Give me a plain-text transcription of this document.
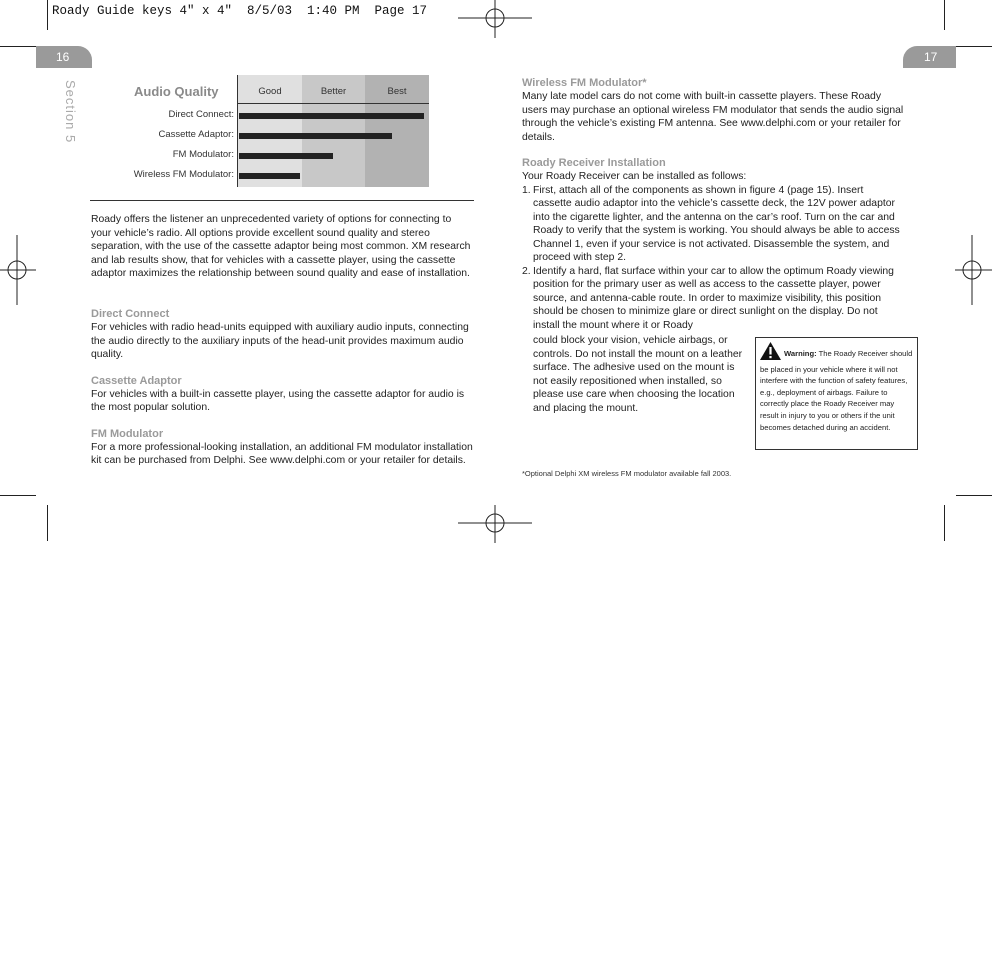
Roady Guide keys 4" x 4"  8/5/03  1:40 PM  Page 17
16	17
Section 5	Audio Quality	Good	Better	Best
Direct Connect:
Cassette Adaptor:
FM Modulator:
Wireless FM Modulator:
Roady offers the listener an unprecedented variety of options for connecting to your vehicle’s radio. All options provide excellent sound quality and stereo separation, with the use of the cassette adaptor being most common. XM research and lab results show, that for vehicles with a cassette player, using the cassette adaptor maximizes the relationship between sound quality and ease of installation.
Direct Connect
For vehicles with radio head-units equipped with auxiliary audio inputs, connecting the audio directly to the auxiliary inputs of the head-unit provides maximum audio quality.
Cassette Adaptor
For vehicles with a built-in cassette player, using the cassette adaptor for audio is the most popular solution.
FM Modulator
For a more professional-looking installation, an additional FM modulator installation kit can be purchased from Delphi. See www.delphi.com or your retailer for details.
Wireless FM Modulator*
Many late model cars do not come with built-in cassette players. These Roady users may purchase an optional wireless FM modulator that sends the audio signal through the vehicle’s existing FM antenna. See www.delphi.com or your retailer for details.
Roady Receiver Installation
Your Roady Receiver can be installed as follows:
1. First, attach all of the components as shown in figure 4 (page 15). Insert cassette audio adaptor into the vehicle’s cassette deck, the 12V power adaptor into the cigarette lighter, and the antenna on the car’s roof. Turn on the car and Roady to verify that the system is working. You should always be able to access Channel 1, even if your service is not activated. Disassemble the system, and proceed with step 2.
2. Identify a hard, flat surface within your car to allow the optimum Roady viewing position for the primary user as well as access to the cassette player, power source, and antenna-cable route. In order to maximize visibility, this position should be chosen to minimize glare or direct sunlight on the display. Do not install the mount where it or Roady
could block your vision, vehicle airbags, or controls. Do not install the mount on a leather surface. The adhesive used on the mount is not easily repositioned when installed, so please use care when choosing the location and placing the mount.
Warning: The Roady Receiver should be placed in your vehicle where it will not interfere with the function of safety features, e.g., deployment of airbags. Failure to correctly place the Roady Receiver may result in injury to you or others if the unit becomes detached during an accident.
*Optional Delphi XM wireless FM modulator available fall 2003.
